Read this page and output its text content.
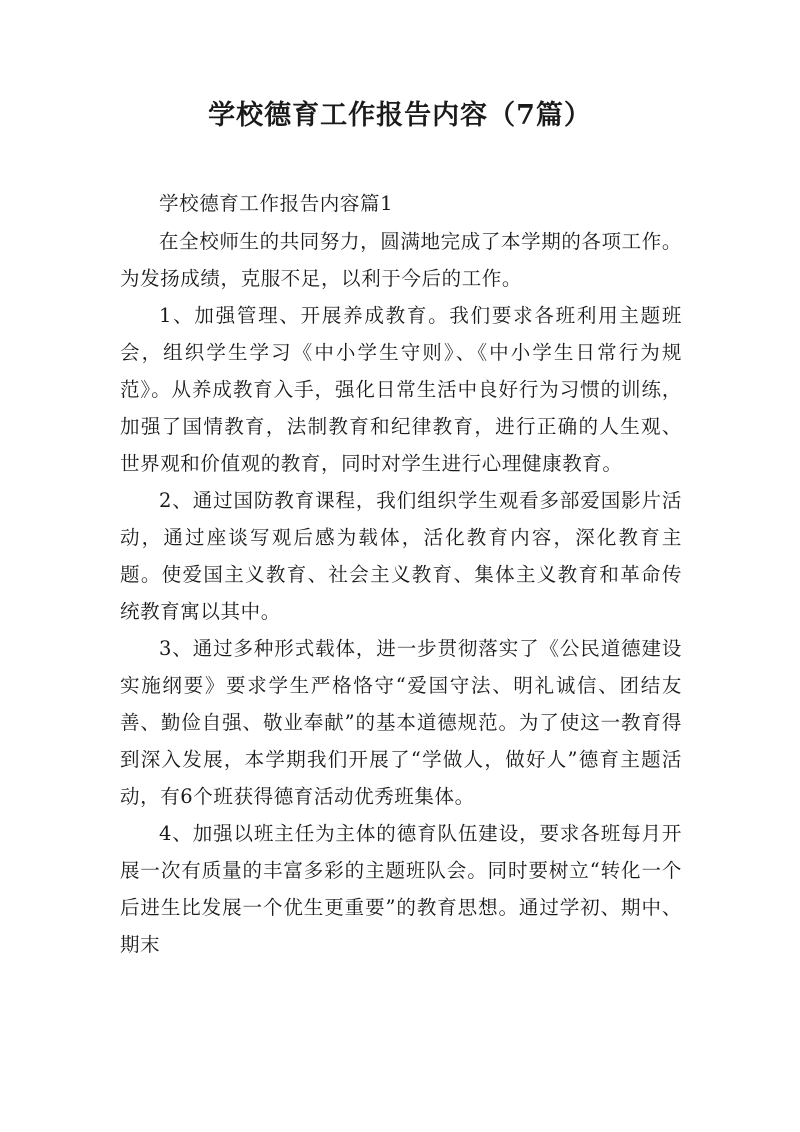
学校德育工作报告内容（7篇）

学校德育工作报告内容篇1

在全校师生的共同努力，圆满地完成了本学期的各项工作。为发扬成绩，克服不足，以利于今后的工作。

1、加强管理、开展养成教育。我们要求各班利用主题班会，组织学生学习《中小学生守则》、《中小学生日常行为规范》。从养成教育入手，强化日常生活中良好行为习惯的训练，加强了国情教育，法制教育和纪律教育，进行正确的人生观、世界观和价值观的教育，同时对学生进行心理健康教育。

2、通过国防教育课程，我们组织学生观看多部爱国影片活动，通过座谈写观后感为载体，活化教育内容，深化教育主题。使爱国主义教育、社会主义教育、集体主义教育和革命传统教育寓以其中。

3、通过多种形式载体，进一步贯彻落实了《公民道德建设实施纲要》要求学生严格恪守“爱国守法、明礼诚信、团结友善、勤俭自强、敬业奉献”的基本道德规范。为了使这一教育得到深入发展，本学期我们开展了“学做人，做好人”德育主题活动，有6个班获得德育活动优秀班集体。

4、加强以班主任为主体的德育队伍建设，要求各班每月开展一次有质量的丰富多彩的主题班队会。同时要树立“转化一个后进生比发展一个优生更重要”的教育思想。通过学初、期中、期末
